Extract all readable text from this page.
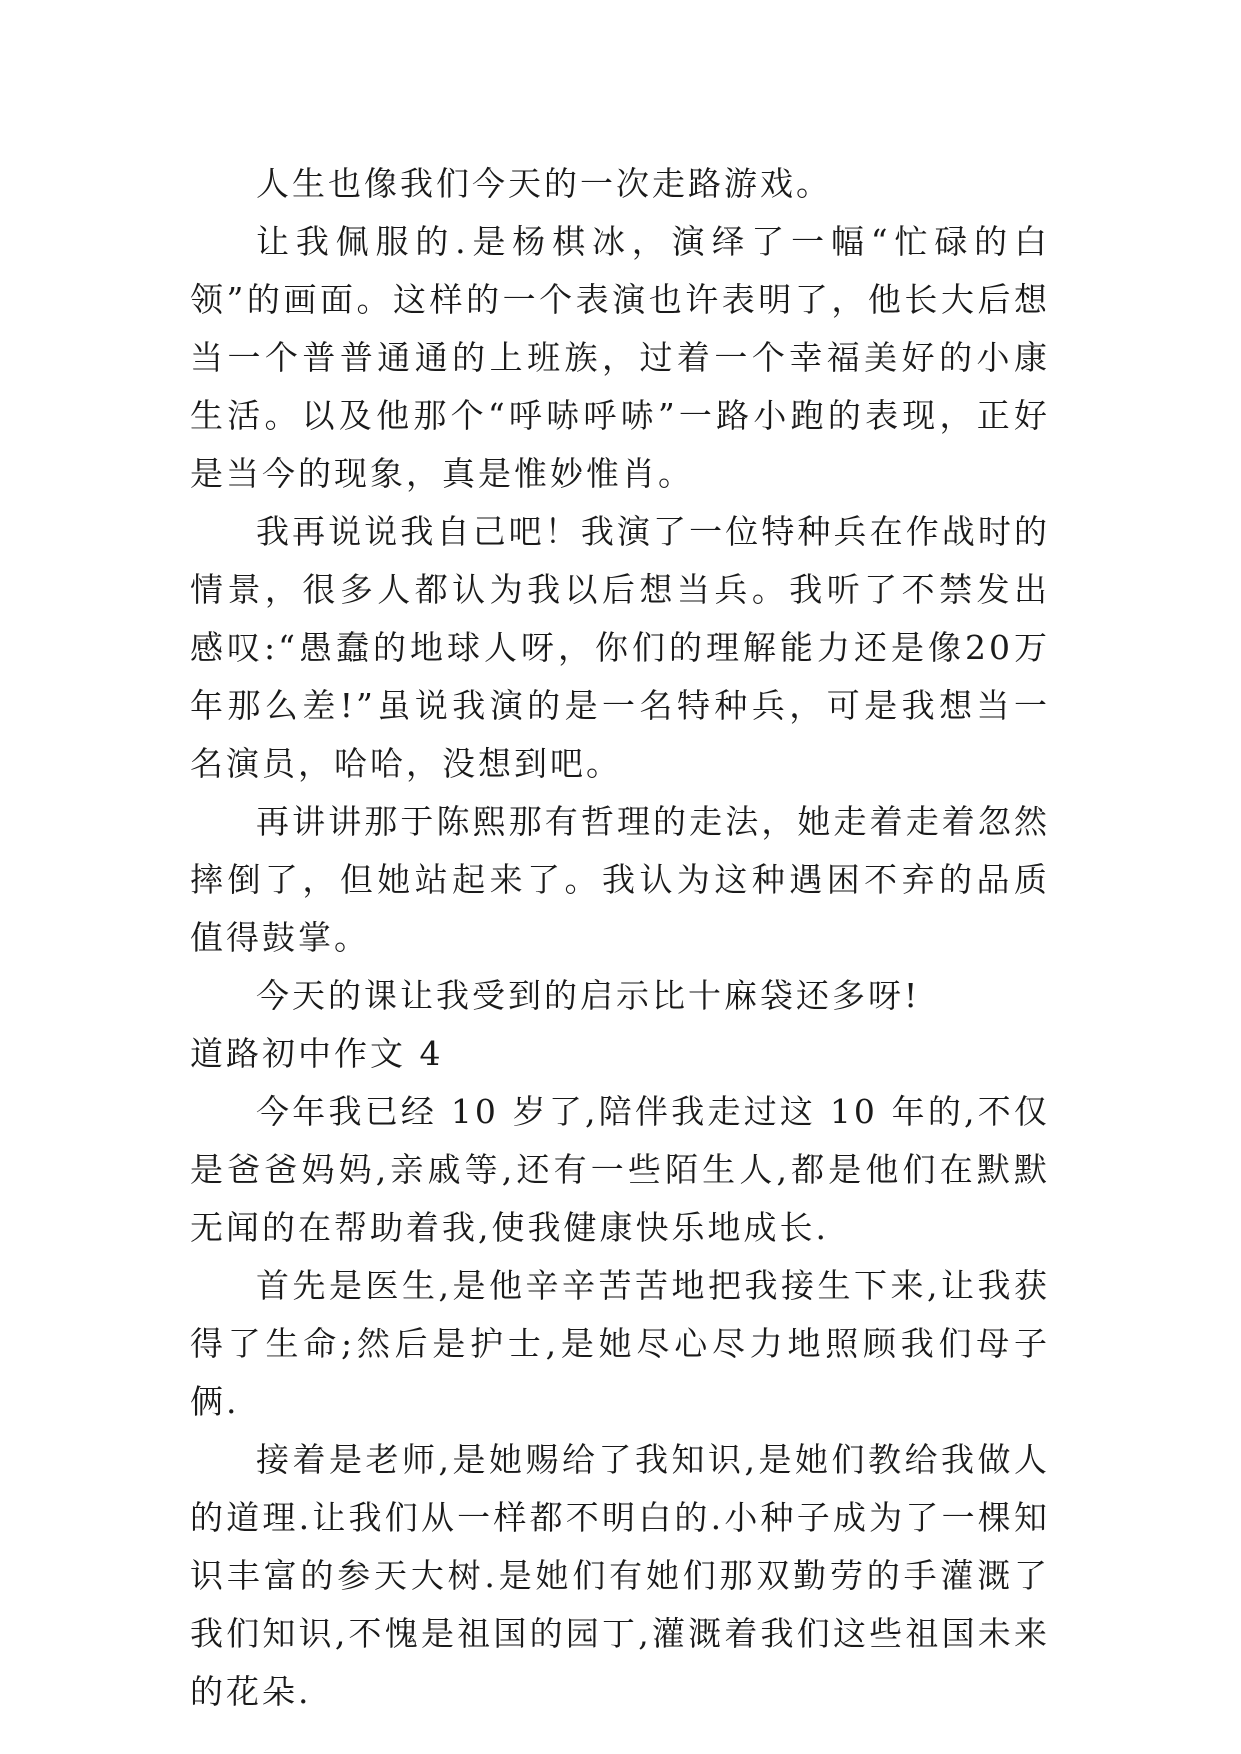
人生也像我们今天的一次走路游戏。

让我佩服的.是杨棋冰，演绎了一幅“忙碌的白领”的画面。这样的一个表演也许表明了，他长大后想当一个普普通通的上班族，过着一个幸福美好的小康生活。以及他那个“呼哧呼哧”一路小跑的表现，正好是当今的现象，真是惟妙惟肖。

我再说说我自己吧！我演了一位特种兵在作战时的情景，很多人都认为我以后想当兵。我听了不禁发出感叹:“愚蠢的地球人呀，你们的理解能力还是像20万年那么差!”虽说我演的是一名特种兵，可是我想当一名演员，哈哈，没想到吧。

再讲讲那于陈熙那有哲理的走法，她走着走着忽然摔倒了，但她站起来了。我认为这种遇困不弃的品质值得鼓掌。

今天的课让我受到的启示比十麻袋还多呀!

道路初中作文 4

今年我已经 10 岁了,陪伴我走过这 10 年的,不仅是爸爸妈妈,亲戚等,还有一些陌生人,都是他们在默默无闻的在帮助着我,使我健康快乐地成长.

首先是医生,是他辛辛苦苦地把我接生下来,让我获得了生命;然后是护士,是她尽心尽力地照顾我们母子俩.

接着是老师,是她赐给了我知识,是她们教给我做人的道理.让我们从一样都不明白的.小种子成为了一棵知识丰富的参天大树.是她们有她们那双勤劳的手灌溉了我们知识,不愧是祖国的园丁,灌溉着我们这些祖国未来的花朵.
